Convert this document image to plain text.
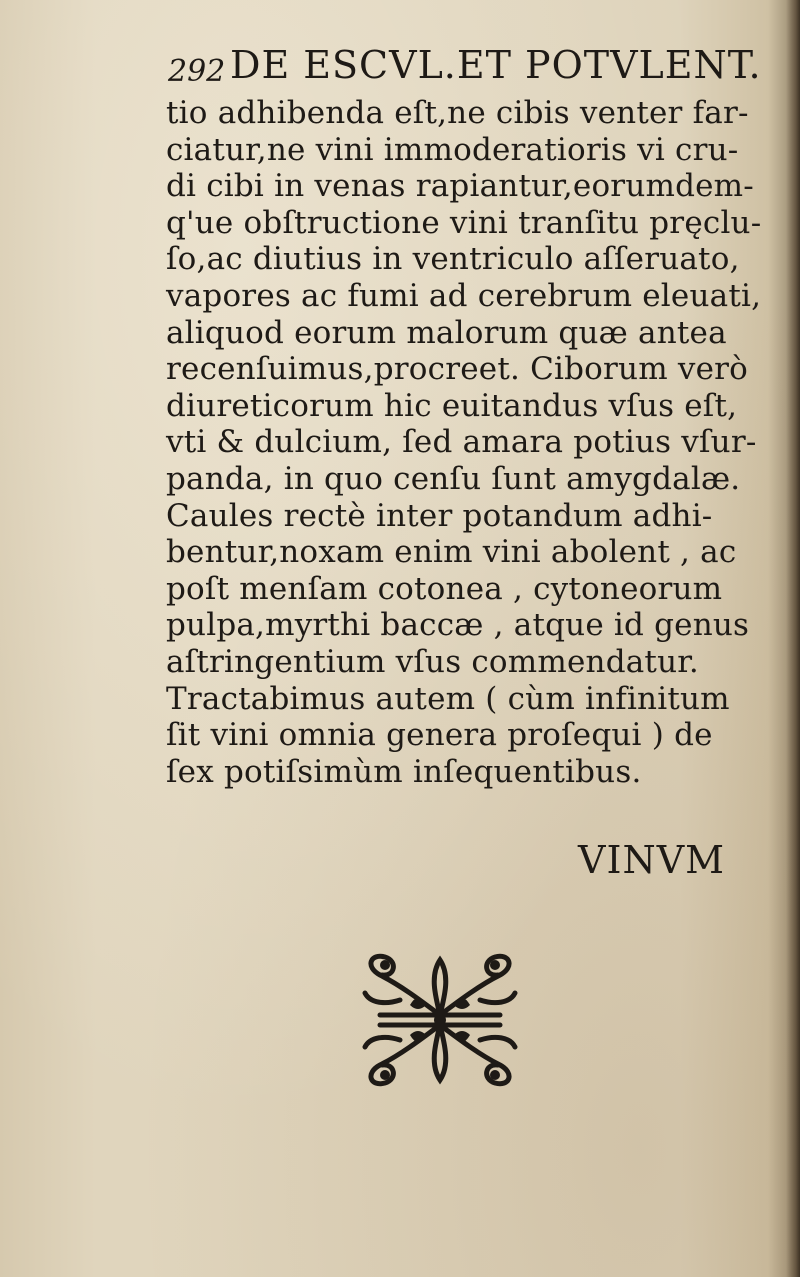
292 DE ESCVL.ET POTVLENT.
tio adhibenda eſt,ne cibis venter far-
ciatur,ne vini immoderatioris vi cru-
di cibi in venas rapiantur,eorumdem-
q'ue obſtructione vini tranſitu pręclu-
ſo,ac diutius in ventriculo aſſeruato,
vapores ac fumi ad cerebrum eleuati,
aliquod eorum malorum quæ antea
recenſuimus,procreet. Ciborum verò
diureticorum hic euitandus vſus eſt,
vti & dulcium, ſed amara potius vſur-
panda, in quo cenſu ſunt amygdalæ.
Caules rectè inter potandum adhi-
bentur,noxam enim vini abolent , ac
poſt menſam cotonea , cytoneorum
pulpa,myrthi baccæ , atque id genus
aſtringentium vſus commendatur.
Tractabimus autem ( cùm infinitum
ſit vini omnia genera proſequi ) de
ſex potiſsimùm inſequentibus.
VINVM
